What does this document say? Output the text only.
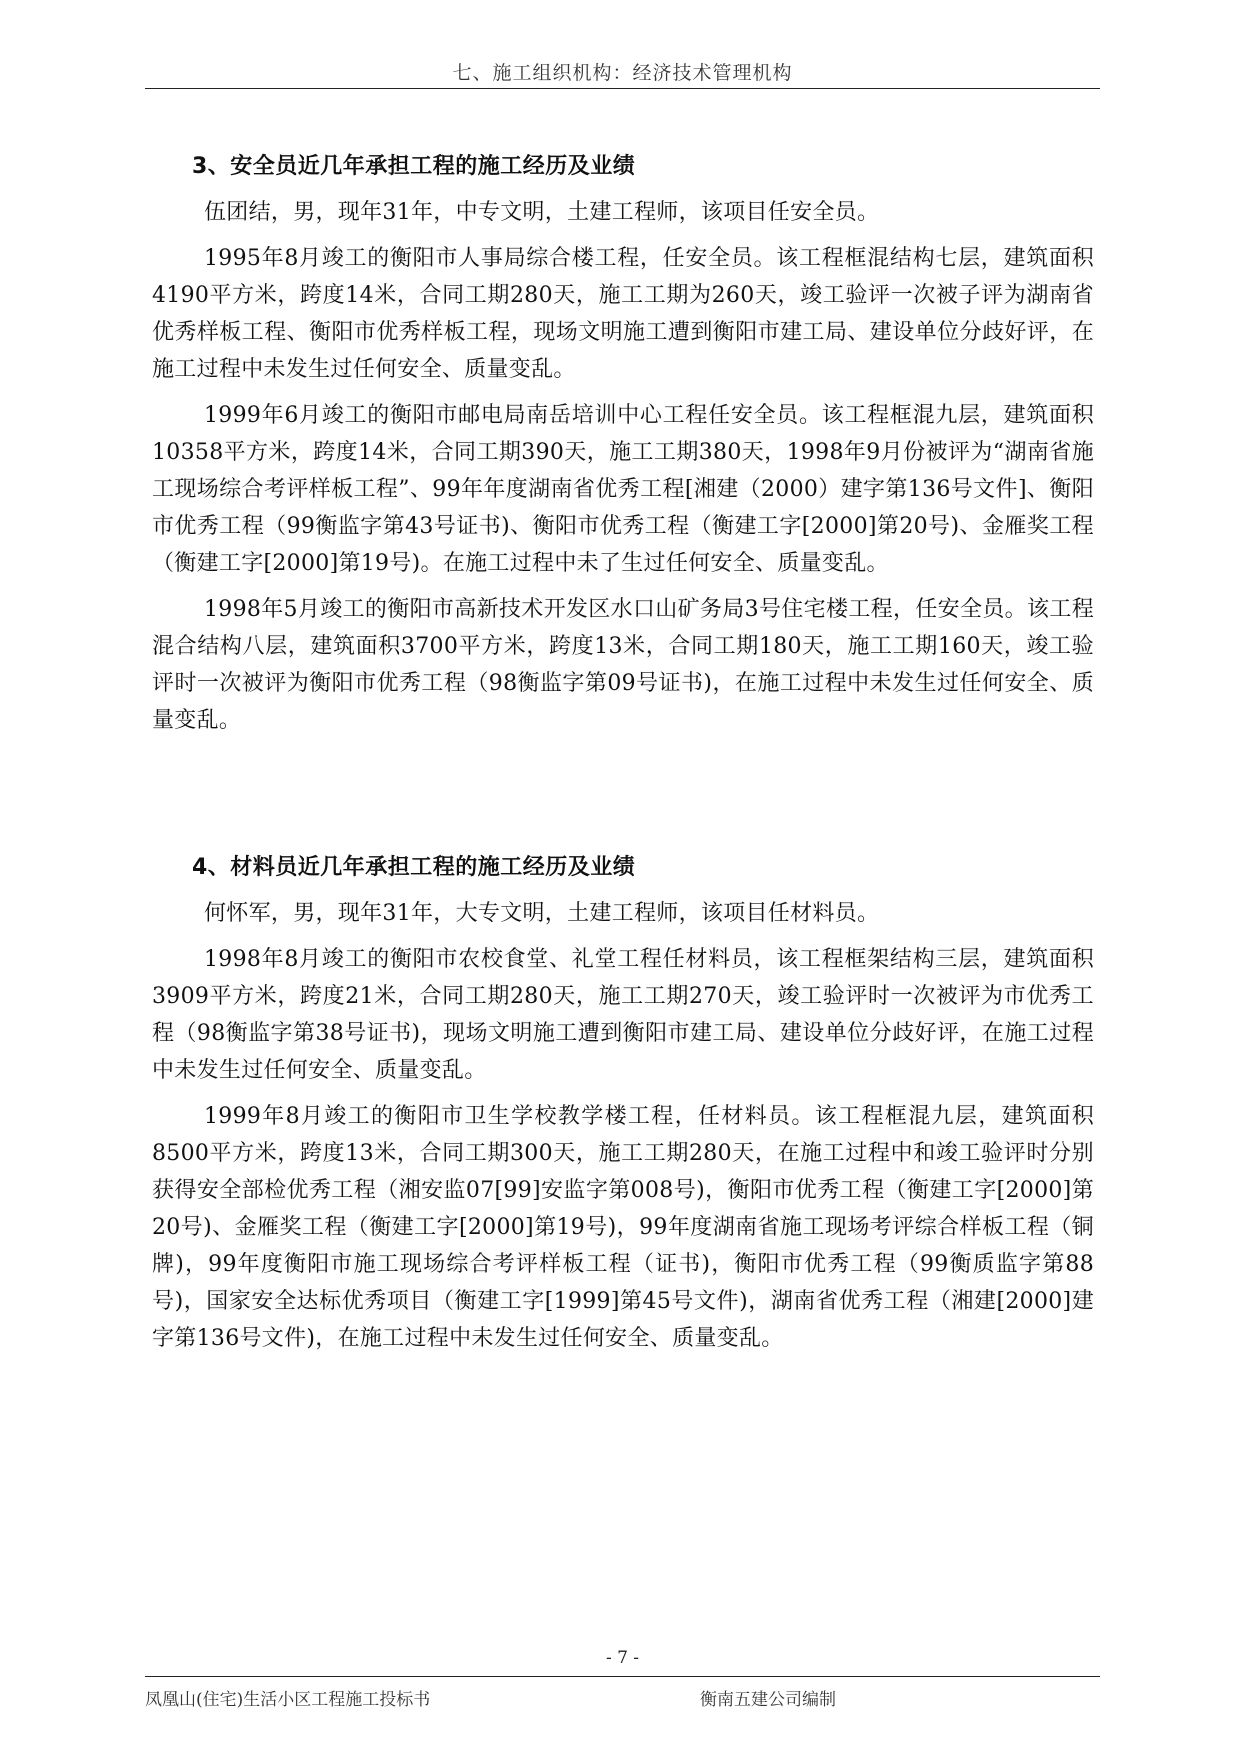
七、施工组织机构：经济技术管理机构
3、安全员近几年承担工程的施工经历及业绩

伍团结，男，现年31年，中专文明，土建工程师，该项目任安全员。

1995年8月竣工的衡阳市人事局综合楼工程，任安全员。该工程框混结构七层，建筑面积4190平方米，跨度14米，合同工期280天，施工工期为260天，竣工验评一次被子评为湖南省优秀样板工程、衡阳市优秀样板工程，现场文明施工遭到衡阳市建工局、建设单位分歧好评，在施工过程中未发生过任何安全、质量变乱。

1999年6月竣工的衡阳市邮电局南岳培训中心工程任安全员。该工程框混九层，建筑面积10358平方米，跨度14米，合同工期390天，施工工期380天，1998年9月份被评为“湖南省施工现场综合考评样板工程”、99年年度湖南省优秀工程[湘建（2000）建字第136号文件]、衡阳市优秀工程（99衡监字第43号证书)、衡阳市优秀工程（衡建工字[2000]第20号)、金雁奖工程（衡建工字[2000]第19号)。在施工过程中未了生过任何安全、质量变乱。

1998年5月竣工的衡阳市高新技术开发区水口山矿务局3号住宅楼工程，任安全员。该工程混合结构八层，建筑面积3700平方米，跨度13米，合同工期180天，施工工期160天，竣工验评时一次被评为衡阳市优秀工程（98衡监字第09号证书)，在施工过程中未发生过任何安全、质量变乱。

4、材料员近几年承担工程的施工经历及业绩

何怀军，男，现年31年，大专文明，土建工程师，该项目任材料员。

1998年8月竣工的衡阳市农校食堂、礼堂工程任材料员，该工程框架结构三层，建筑面积3909平方米，跨度21米，合同工期280天，施工工期270天，竣工验评时一次被评为市优秀工程（98衡监字第38号证书)，现场文明施工遭到衡阳市建工局、建设单位分歧好评，在施工过程中未发生过任何安全、质量变乱。

1999年8月竣工的衡阳市卫生学校教学楼工程，任材料员。该工程框混九层，建筑面积8500平方米，跨度13米，合同工期300天，施工工期280天，在施工过程中和竣工验评时分别获得安全部检优秀工程（湘安监07[99]安监字第008号)，衡阳市优秀工程（衡建工字[2000]第20号)、金雁奖工程（衡建工字[2000]第19号)，99年度湖南省施工现场考评综合样板工程（铜牌)，99年度衡阳市施工现场综合考评样板工程（证书)，衡阳市优秀工程（99衡质监字第88号)，国家安全达标优秀项目（衡建工字[1999]第45号文件)，湖南省优秀工程（湘建[2000]建字第136号文件)，在施工过程中未发生过任何安全、质量变乱。

- 7 -
凤凰山(住宅)生活小区工程施工投标书	衡南五建公司编制
